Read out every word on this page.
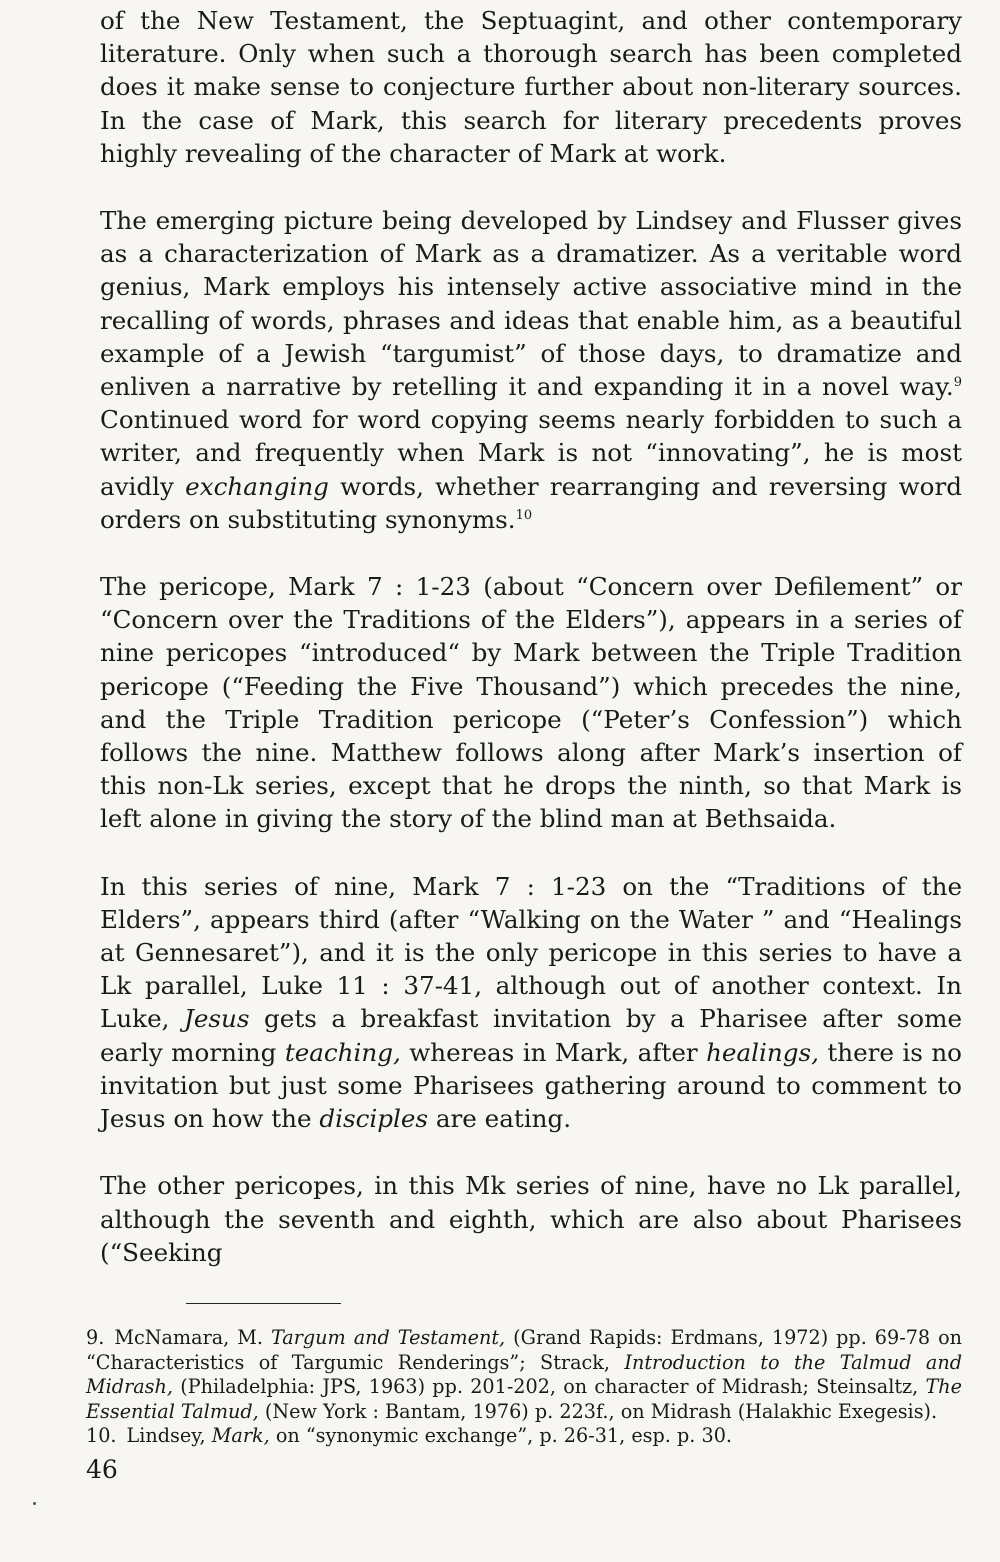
of the New Testament, the Septuagint, and other contemporary literature. Only when such a thorough search has been completed does it make sense to conjecture further about non-literary sources. In the case of Mark, this search for literary precedents proves highly revealing of the character of Mark at work.

The emerging picture being developed by Lindsey and Flusser gives as a characterization of Mark as a dramatizer. As a veritable word genius, Mark employs his intensely active associative mind in the recalling of words, phrases and ideas that enable him, as a beautiful example of a Jewish “targumist” of those days, to dramatize and enliven a narrative by retelling it and expanding it in a novel way.$^9$ Continued word for word copying seems nearly forbidden to such a writer, and frequently when Mark is not “innovating”, he is most avidly exchanging words, whether rearranging and reversing word orders on substituting synonyms.$^{10}$

The pericope, Mark 7 : 1-23 (about “Concern over Defilement” or “Concern over the Traditions of the Elders”), appears in a series of nine pericopes “introduced“ by Mark between the Triple Tradition pericope (“Feeding the Five Thousand”) which precedes the nine, and the Triple Tradition pericope (“Peter’s Confession”) which follows the nine. Matthew follows along after Mark’s insertion of this non-Lk series, except that he drops the ninth, so that Mark is left alone in giving the story of the blind man at Bethsaida.

In this series of nine, Mark 7 : 1-23 on the “Traditions of the Elders”, appears third (after “Walking on the Water ” and “Healings at Gennesaret”), and it is the only pericope in this series to have a Lk parallel, Luke 11 : 37-41, although out of another context. In Luke, Jesus gets a breakfast invitation by a Pharisee after some early morning teaching, whereas in Mark, after healings, there is no invitation but just some Pharisees gathering around to comment to Jesus on how the disciples are eating.

The other pericopes, in this Mk series of nine, have no Lk parallel, although the seventh and eighth, which are also about Pharisees (“Seeking

9. McNamara, M. Targum and Testament, (Grand Rapids: Erdmans, 1972) pp. 69-78 on “Characteristics of Targumic Renderings”; Strack, Introduction to the Talmud and Midrash, (Philadelphia: JPS, 1963) pp. 201-202, on character of Midrash; Steinsaltz, The Essential Talmud, (New York : Bantam, 1976) p. 223f., on Midrash (Halakhic Exegesis).

10. Lindsey, Mark, on “synonymic exchange”, p. 26-31, esp. p. 30.

46
